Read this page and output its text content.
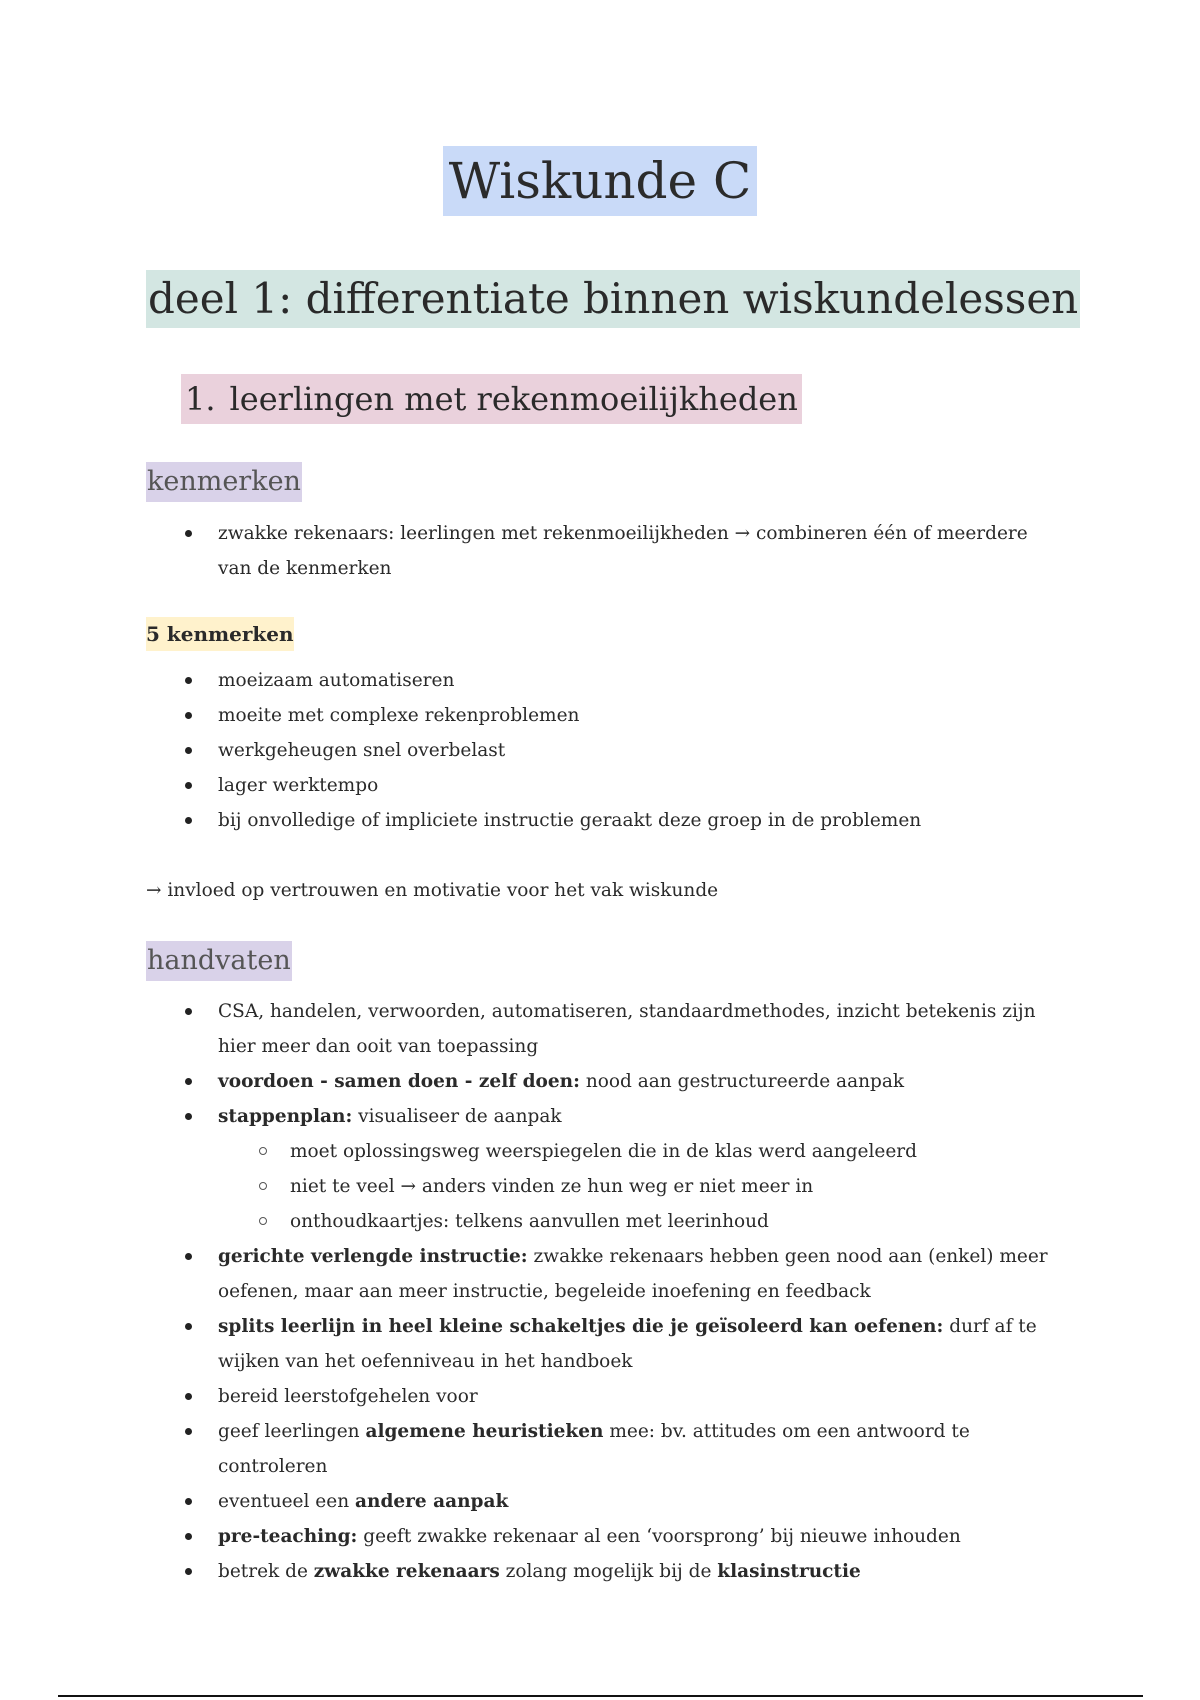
Wiskunde C
deel 1: differentiate binnen wiskundelessen
1. leerlingen met rekenmoeilijkheden
kenmerken
zwakke rekenaars: leerlingen met rekenmoeilijkheden → combineren één of meerdere van de kenmerken
5 kenmerken
moeizaam automatiseren
moeite met complexe rekenproblemen
werkgeheugen snel overbelast
lager werktempo
bij onvolledige of impliciete instructie geraakt deze groep in de problemen
→ invloed op vertrouwen en motivatie voor het vak wiskunde
handvaten
CSA, handelen, verwoorden, automatiseren, standaardmethodes, inzicht betekenis zijn hier meer dan ooit van toepassing
voordoen - samen doen - zelf doen: nood aan gestructureerde aanpak
stappenplan: visualiseer de aanpak
moet oplossingsweg weerspiegelen die in de klas werd aangeleerd
niet te veel → anders vinden ze hun weg er niet meer in
onthoudkaartjes: telkens aanvullen met leerinhoud
gerichte verlengde instructie: zwakke rekenaars hebben geen nood aan (enkel) meer oefenen, maar aan meer instructie, begeleide inoefening en feedback
splits leerlijn in heel kleine schakeltjes die je geïsoleerd kan oefenen: durf af te wijken van het oefenniveau in het handboek
bereid leerstofgehelen voor
geef leerlingen algemene heuristieken mee: bv. attitudes om een antwoord te controleren
eventueel een andere aanpak
pre-teaching: geeft zwakke rekenaar al een ‘voorsprong’ bij nieuwe inhouden
betrek de zwakke rekenaars zolang mogelijk bij de klasinstructie
